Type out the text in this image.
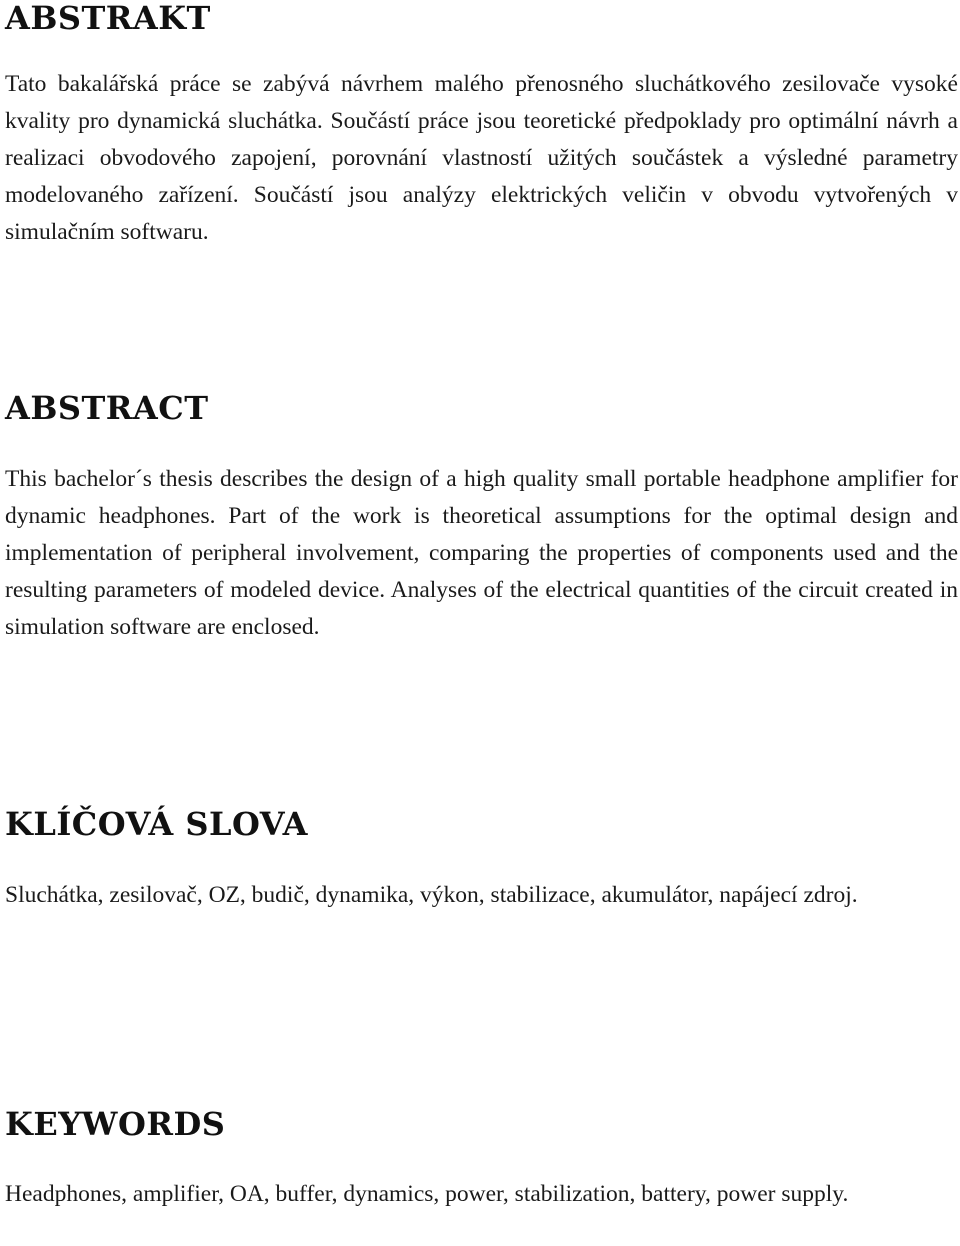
ABSTRAKT

Tato bakalářská práce se zabývá návrhem malého přenosného sluchátkového zesilovače vysoké kvality pro dynamická sluchátka. Součástí práce jsou teoretické předpoklady pro optimální návrh a realizaci obvodového zapojení, porovnání vlastností užitých součástek a výsledné parametry modelovaného zařízení. Součástí jsou analýzy elektrických veličin v obvodu vytvořených v simulačním softwaru.

ABSTRACT

This bachelor´s thesis describes the design of a high quality small portable headphone amplifier for dynamic headphones. Part of the work is theoretical assumptions for the optimal design and implementation of peripheral involvement, comparing the properties of components used and the resulting parameters of modeled device. Analyses of the electrical quantities of the circuit created in simulation software are enclosed.

KLÍČOVÁ SLOVA

Sluchátka, zesilovač, OZ, budič, dynamika, výkon, stabilizace, akumulátor, napájecí zdroj.

KEYWORDS

Headphones, amplifier, OA, buffer, dynamics, power, stabilization, battery, power supply.
